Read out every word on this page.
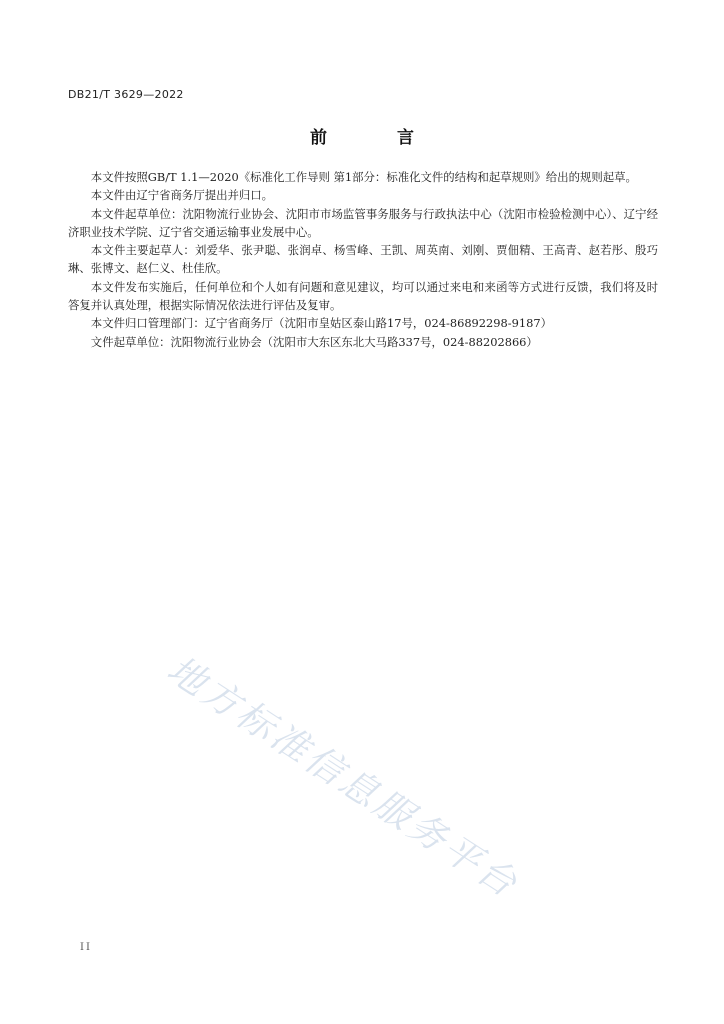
DB21/T 3629—2022
前 言

本文件按照GB/T 1.1—2020《标准化工作导则 第1部分：标准化文件的结构和起草规则》给出的规则起草。

本文件由辽宁省商务厅提出并归口。

本文件起草单位：沈阳物流行业协会、沈阳市市场监管事务服务与行政执法中心（沈阳市检验检测中心）、辽宁经济职业技术学院、辽宁省交通运输事业发展中心。

本文件主要起草人：刘爱华、张尹聪、张润卓、杨雪峰、王凯、周英南、刘刚、贾佃精、王高青、赵若彤、殷巧琳、张博文、赵仁义、杜佳欣。

本文件发布实施后，任何单位和个人如有问题和意见建议，均可以通过来电和来函等方式进行反馈，我们将及时答复并认真处理，根据实际情况依法进行评估及复审。

本文件归口管理部门：辽宁省商务厅（沈阳市皇姑区泰山路17号，024-86892298-9187）

文件起草单位：沈阳物流行业协会（沈阳市大东区东北大马路337号，024-88202866）

地方标准信息服务平台
II
